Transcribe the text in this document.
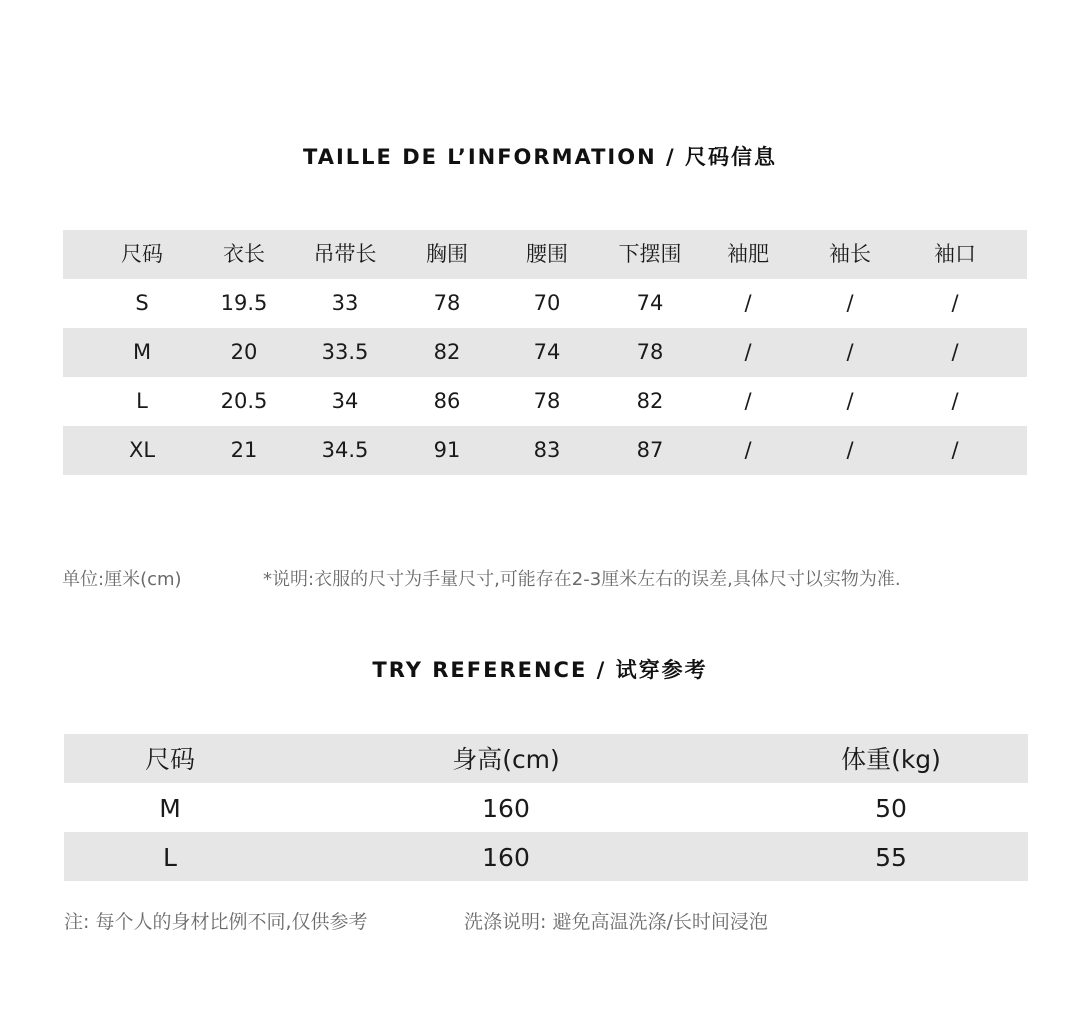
TAILLE DE L’INFORMATION / 尺码信息
尺码	衣长	吊带长	胸围	腰围	下摆围	袖肥	袖长	袖口
S	19.5	33	78	70	74	/	/	/
M	20	33.5	82	74	78	/	/	/
L	20.5	34	86	78	82	/	/	/
XL	21	34.5	91	83	87	/	/	/
单位:厘米(cm)	*说明:衣服的尺寸为手量尺寸,可能存在2-3厘米左右的误差,具体尺寸以实物为准.
TRY REFERENCE / 试穿参考
尺码	身高(cm)	体重(kg)
M	160	50
L	160	55
注: 每个人的身材比例不同,仅供参考	洗涤说明: 避免高温洗涤/长时间浸泡
